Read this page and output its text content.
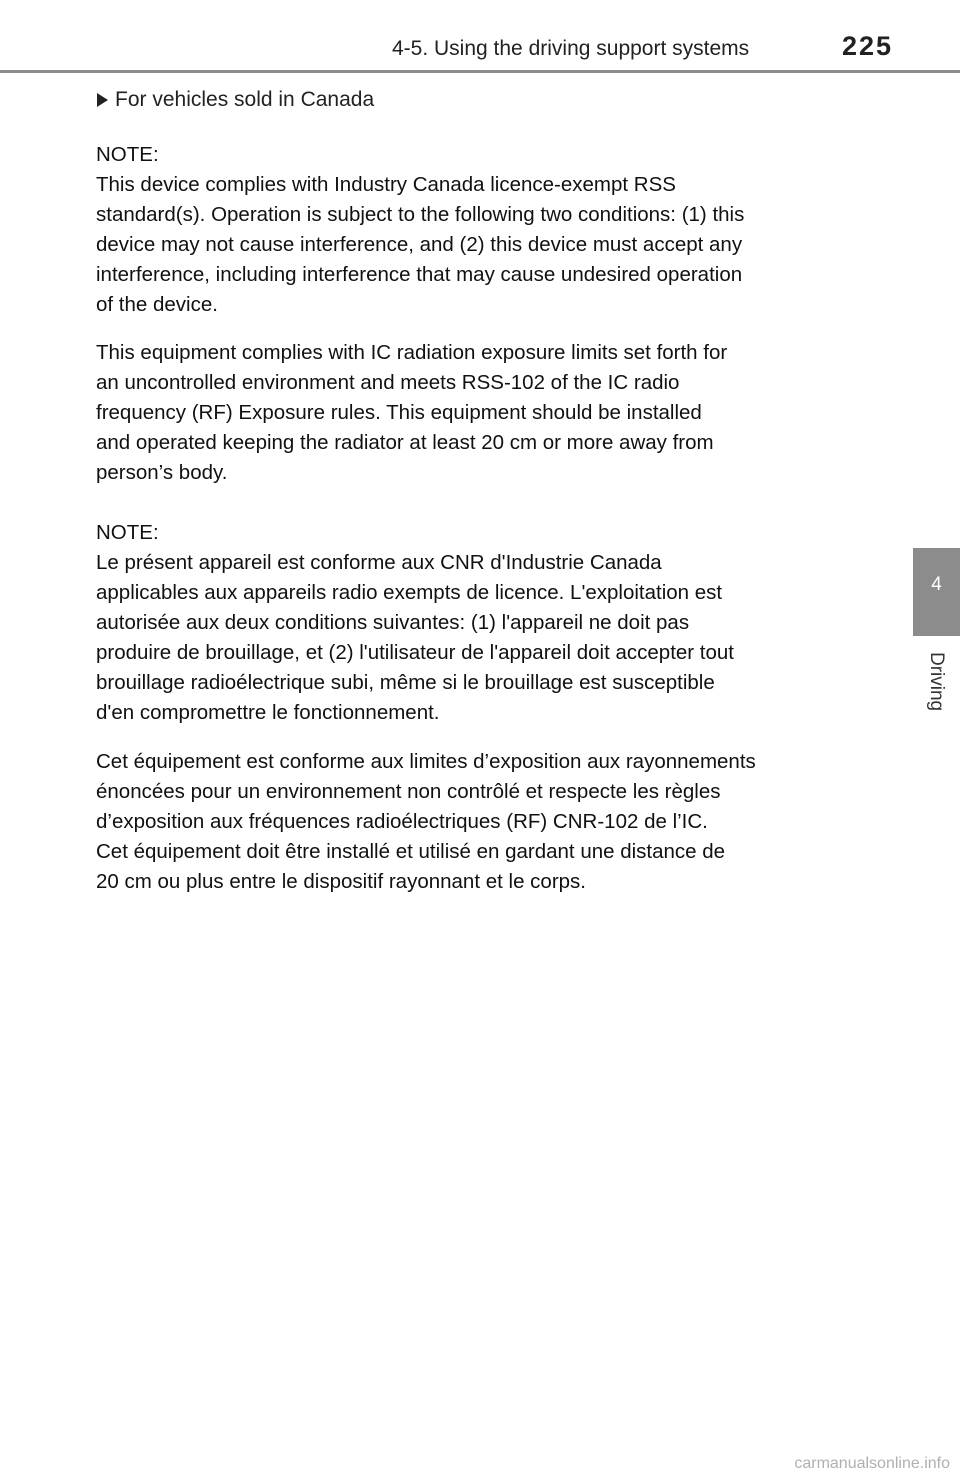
4-5. Using the driving support systems	225
4
Driving
For vehicles sold in Canada
NOTE:
This device complies with Industry Canada licence-exempt RSS
standard(s). Operation is subject to the following two conditions: (1) this
device may not cause interference, and (2) this device must accept any
interference, including interference that may cause undesired operation
of the device.
This equipment complies with IC radiation exposure limits set forth for
an uncontrolled environment and meets RSS-102 of the IC radio
frequency (RF) Exposure rules. This equipment should be installed
and operated keeping the radiator at least 20 cm or more away from
person’s body.
NOTE:
Le présent appareil est conforme aux CNR d'Industrie Canada
applicables aux appareils radio exempts de licence. L'exploitation est
autorisée aux deux conditions suivantes: (1) l'appareil ne doit pas
produire de brouillage, et (2) l'utilisateur de l'appareil doit accepter tout
brouillage radioélectrique subi, même si le brouillage est susceptible
d'en compromettre le fonctionnement.
Cet équipement est conforme aux limites d’exposition aux rayonnements
énoncées pour un environnement non contrôlé et respecte les règles
d’exposition aux fréquences radioélectriques (RF) CNR-102 de l’IC.
Cet équipement doit être installé et utilisé en gardant une distance de
20 cm ou plus entre le dispositif rayonnant et le corps.
carmanualsonline.info
